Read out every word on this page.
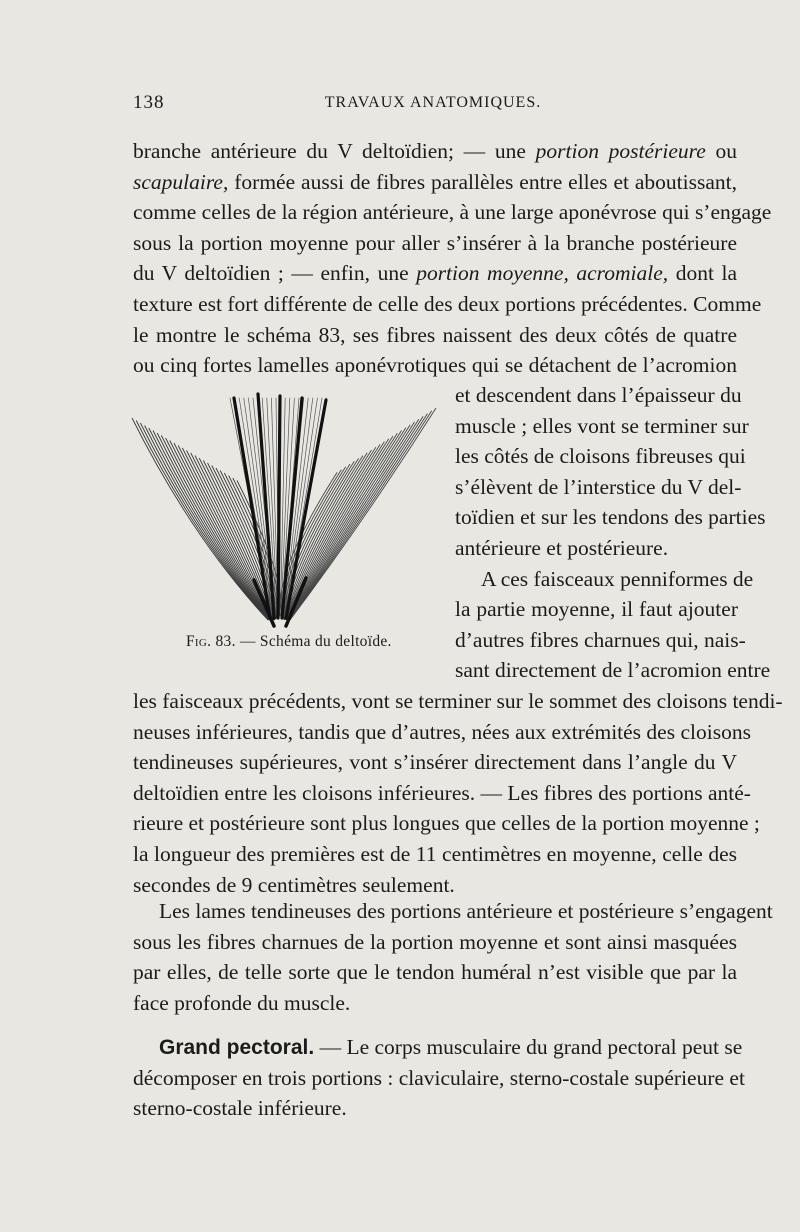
138	TRAVAUX ANATOMIQUES.
branche antérieure du V deltoïdien; — une portion postérieure ou
scapulaire, formée aussi de fibres parallèles entre elles et aboutissant,
comme celles de la région antérieure, à une large aponévrose qui s’engage
sous la portion moyenne pour aller s’insérer à la branche postérieure
du V deltoïdien ; — enfin, une portion moyenne, acromiale, dont la
texture est fort différente de celle des deux portions précédentes. Comme
le montre le schéma 83, ses fibres naissent des deux côtés de quatre
ou cinq fortes lamelles aponévrotiques qui se détachent de l’acromion
Fig. 83. — Schéma du deltoïde.
et descendent dans l’épaisseur du
muscle ; elles vont se terminer sur
les côtés de cloisons fibreuses qui
s’élèvent de l’interstice du V del-
toïdien et sur les tendons des parties
antérieure et postérieure.
A ces faisceaux penniformes de
la partie moyenne, il faut ajouter
d’autres fibres charnues qui, nais-
sant directement de l’acromion entre
les faisceaux précédents, vont se terminer sur le sommet des cloisons tendi-
neuses inférieures, tandis que d’autres, nées aux extrémités des cloisons
tendineuses supérieures, vont s’insérer directement dans l’angle du V
deltoïdien entre les cloisons inférieures. — Les fibres des portions anté-
rieure et postérieure sont plus longues que celles de la portion moyenne ;
la longueur des premières est de 11 centimètres en moyenne, celle des
secondes de 9 centimètres seulement.
Les lames tendineuses des portions antérieure et postérieure s’engagent
sous les fibres charnues de la portion moyenne et sont ainsi masquées
par elles, de telle sorte que le tendon huméral n’est visible que par la
face profonde du muscle.
Grand pectoral. — Le corps musculaire du grand pectoral peut se
décomposer en trois portions : claviculaire, sterno-costale supérieure et
sterno-costale inférieure.
